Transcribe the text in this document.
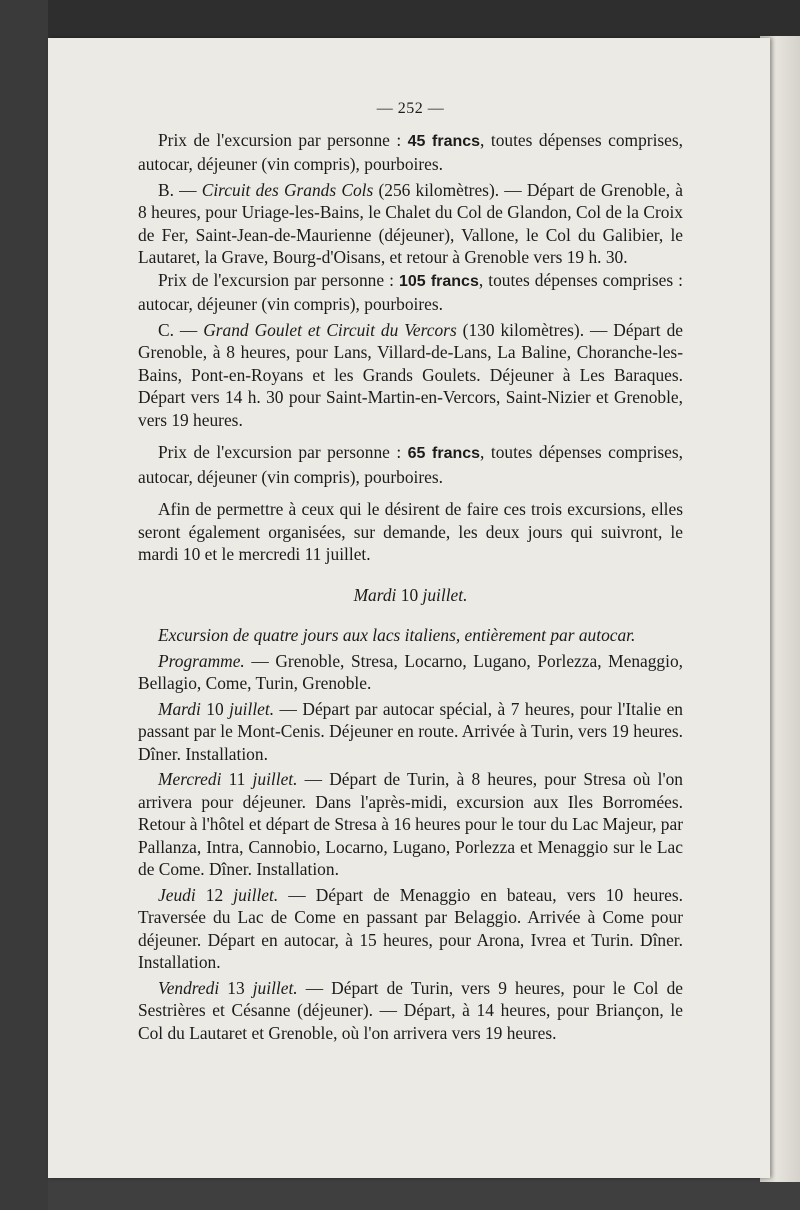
— 252 —

Prix de l'excursion par personne : 45 francs, toutes dépenses comprises, autocar, déjeuner (vin compris), pourboires.

B. — Circuit des Grands Cols (256 kilomètres). — Départ de Grenoble, à 8 heures, pour Uriage-les-Bains, le Chalet du Col de Glandon, Col de la Croix de Fer, Saint-Jean-de-Maurienne (déjeuner), Vallone, le Col du Galibier, le Lautaret, la Grave, Bourg-d'Oisans, et retour à Grenoble vers 19 h. 30.

Prix de l'excursion par personne : 105 francs, toutes dépenses comprises : autocar, déjeuner (vin compris), pourboires.

C. — Grand Goulet et Circuit du Vercors (130 kilomètres). — Départ de Grenoble, à 8 heures, pour Lans, Villard-de-Lans, La Baline, Choranche-les-Bains, Pont-en-Royans et les Grands Goulets. Déjeuner à Les Baraques. Départ vers 14 h. 30 pour Saint-Martin-en-Vercors, Saint-Nizier et Grenoble, vers 19 heures.

Prix de l'excursion par personne : 65 francs, toutes dépenses comprises, autocar, déjeuner (vin compris), pourboires.

Afin de permettre à ceux qui le désirent de faire ces trois excursions, elles seront également organisées, sur demande, les deux jours qui suivront, le mardi 10 et le mercredi 11 juillet.

Mardi 10 juillet.

Excursion de quatre jours aux lacs italiens, entièrement par autocar.

Programme. — Grenoble, Stresa, Locarno, Lugano, Porlezza, Menaggio, Bellagio, Come, Turin, Grenoble.

Mardi 10 juillet. — Départ par autocar spécial, à 7 heures, pour l'Italie en passant par le Mont-Cenis. Déjeuner en route. Arrivée à Turin, vers 19 heures. Dîner. Installation.

Mercredi 11 juillet. — Départ de Turin, à 8 heures, pour Stresa où l'on arrivera pour déjeuner. Dans l'après-midi, excursion aux Iles Borromées. Retour à l'hôtel et départ de Stresa à 16 heures pour le tour du Lac Majeur, par Pallanza, Intra, Cannobio, Locarno, Lugano, Porlezza et Menaggio sur le Lac de Come. Dîner. Installation.

Jeudi 12 juillet. — Départ de Menaggio en bateau, vers 10 heures. Traversée du Lac de Come en passant par Belaggio. Arrivée à Come pour déjeuner. Départ en autocar, à 15 heures, pour Arona, Ivrea et Turin. Dîner. Installation.

Vendredi 13 juillet. — Départ de Turin, vers 9 heures, pour le Col de Sestrières et Césanne (déjeuner). — Départ, à 14 heures, pour Briançon, le Col du Lautaret et Grenoble, où l'on arrivera vers 19 heures.
